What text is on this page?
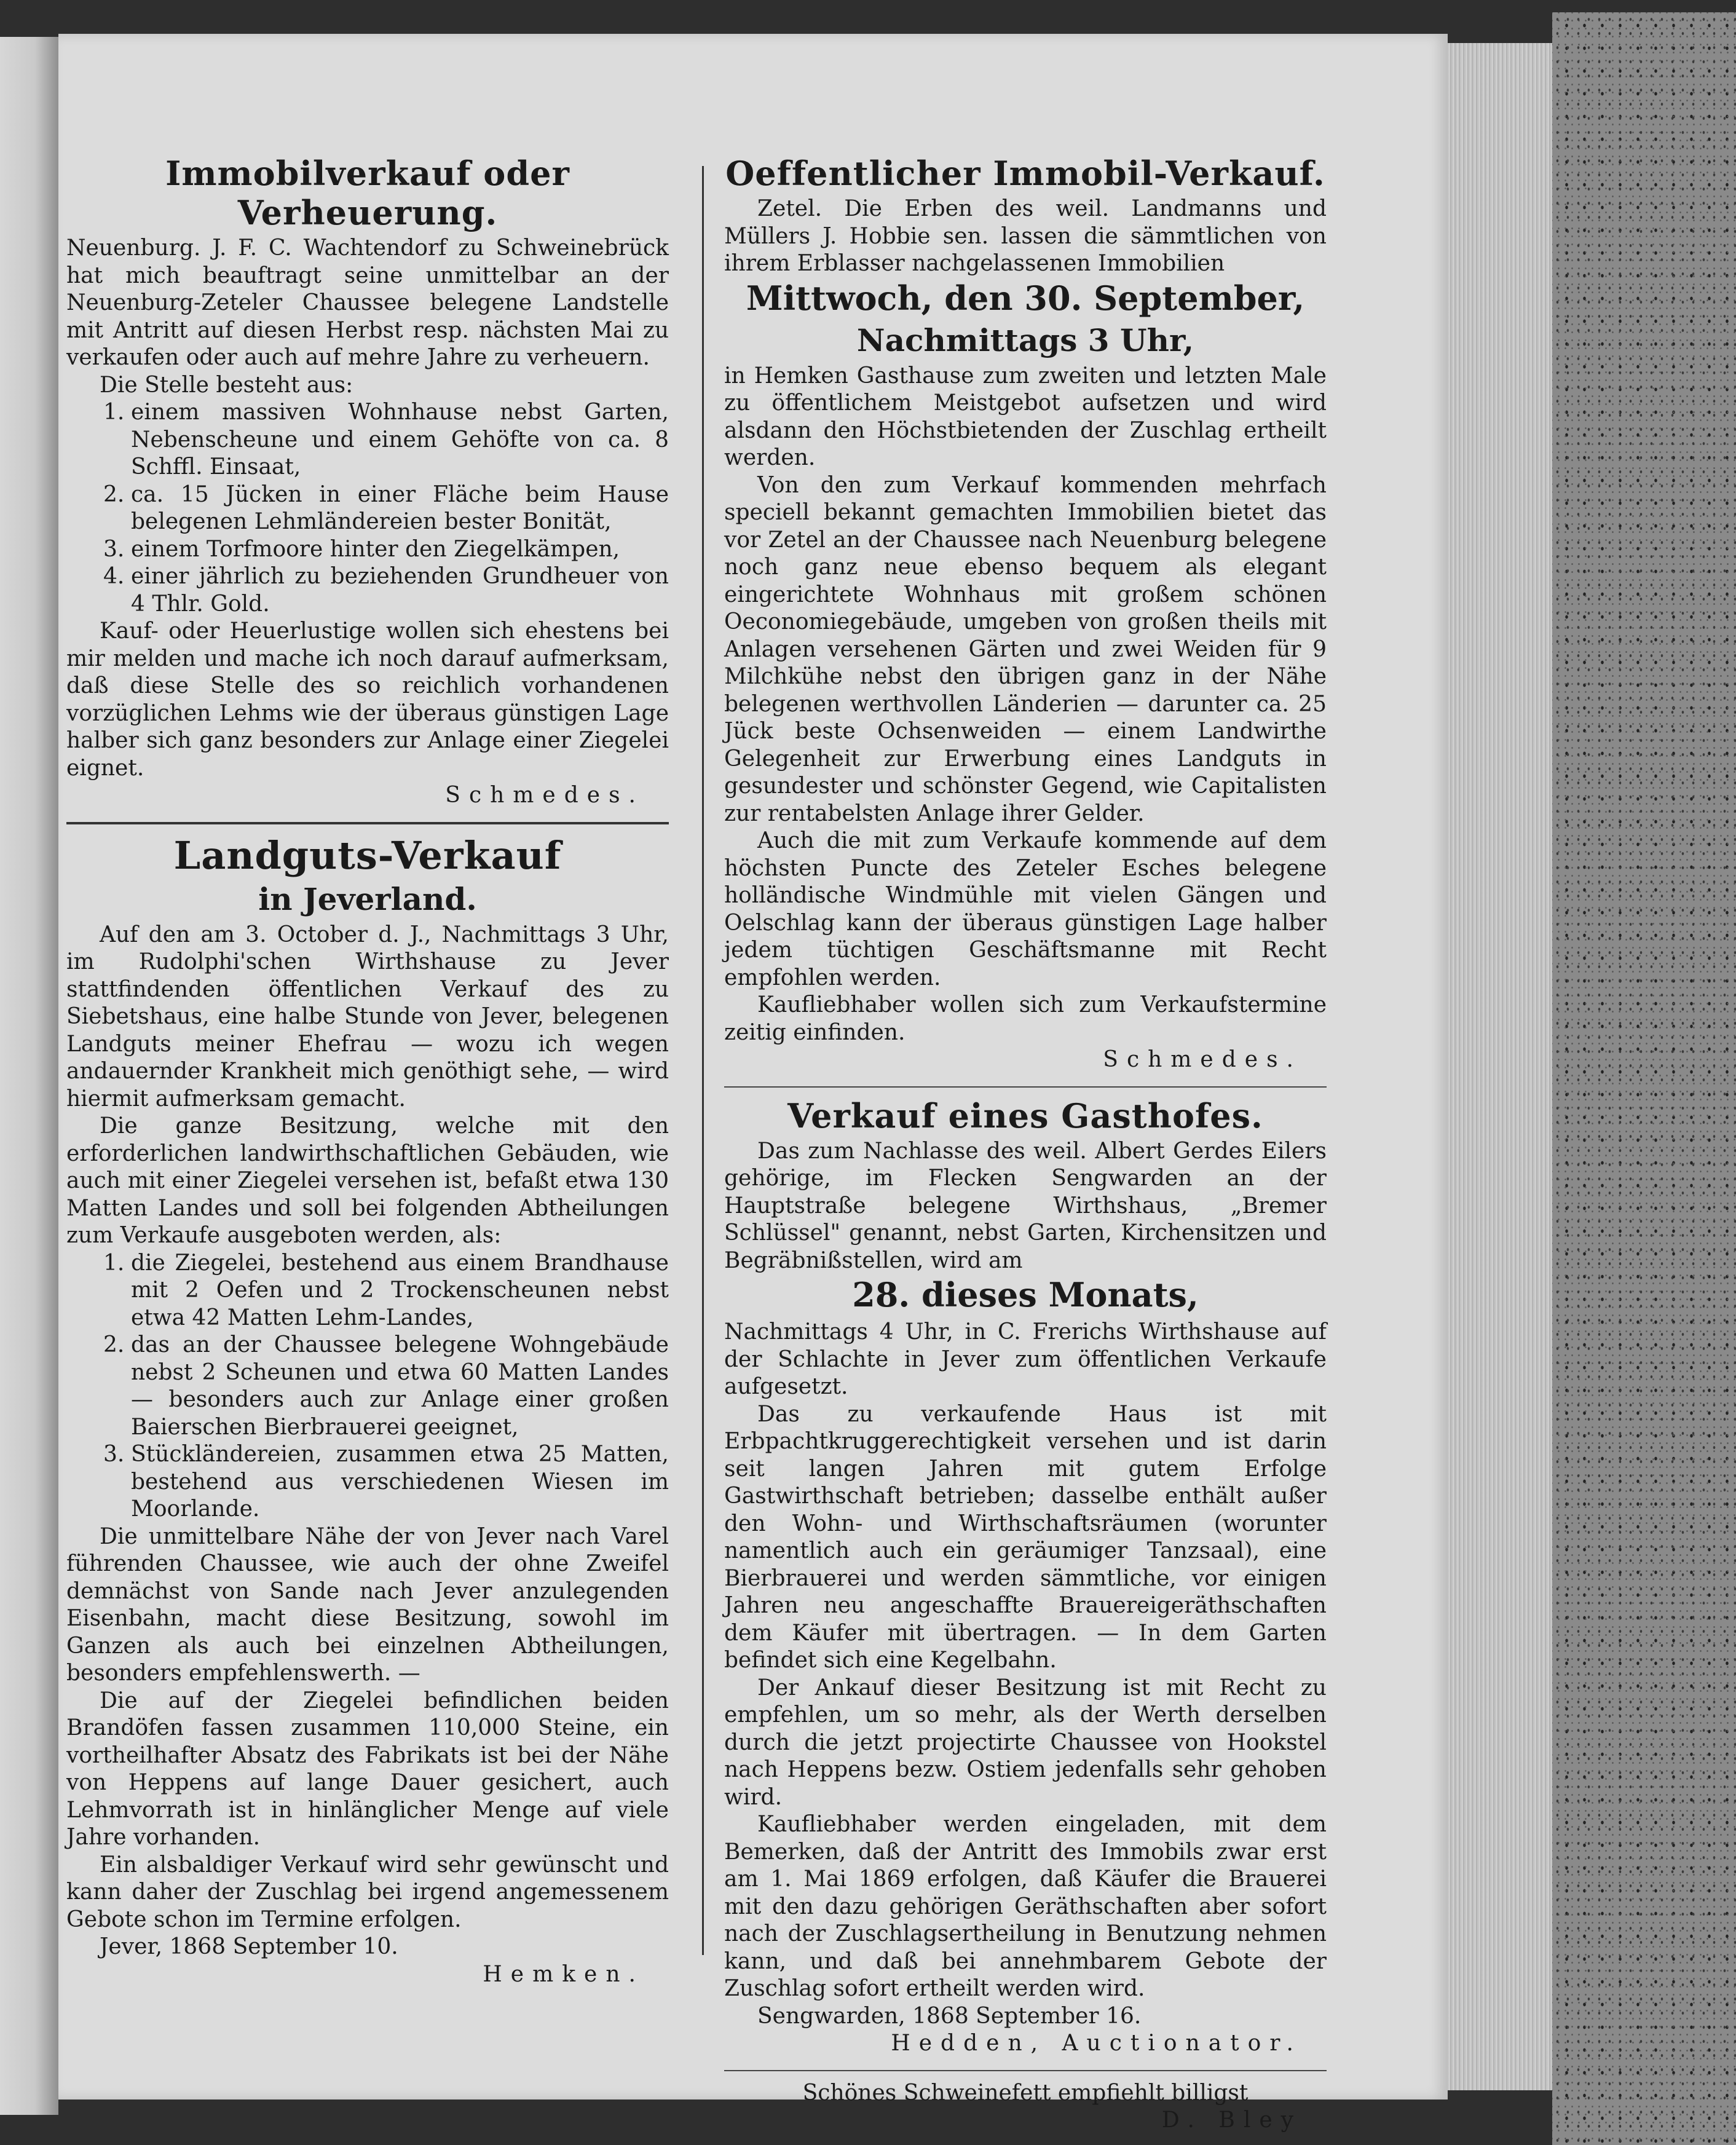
Immobilverkauf oder Verheuerung.

Neuenburg. J. F. C. Wachtendorf zu Schweinebrück hat mich beauftragt seine unmittelbar an der Neuenburg-Zeteler Chaussee belegene Landstelle mit Antritt auf diesen Herbst resp. nächsten Mai zu verkaufen oder auch auf mehre Jahre zu verheuern.

Die Stelle besteht aus:

1. einem massiven Wohnhause nebst Garten, Nebenscheune und einem Gehöfte von ca. 8 Schffl. Einsaat,
2. ca. 15 Jücken in einer Fläche beim Hause belegenen Lehmländereien bester Bonität,
3. einem Torfmoore hinter den Ziegelkämpen,
4. einer jährlich zu beziehenden Grundheuer von 4 Thlr. Gold.

Kauf- oder Heuerlustige wollen sich ehestens bei mir melden und mache ich noch darauf aufmerksam, daß diese Stelle des so reichlich vorhandenen vorzüglichen Lehms wie der überaus günstigen Lage halber sich ganz besonders zur Anlage einer Ziegelei eignet.

Schmedes.

Landguts-Verkauf
in Jeverland.

Auf den am 3. October d. J., Nachmittags 3 Uhr, im Rudolphi'schen Wirthshause zu Jever stattfindenden öffentlichen Verkauf des zu Siebetshaus, eine halbe Stunde von Jever, belegenen Landguts meiner Ehefrau — wozu ich wegen andauernder Krankheit mich genöthigt sehe, — wird hiermit aufmerksam gemacht.

Die ganze Besitzung, welche mit den erforderlichen landwirthschaftlichen Gebäuden, wie auch mit einer Ziegelei versehen ist, befaßt etwa 130 Matten Landes und soll bei folgenden Abtheilungen zum Verkaufe ausgeboten werden, als:

1. die Ziegelei, bestehend aus einem Brandhause mit 2 Oefen und 2 Trockenscheunen nebst etwa 42 Matten Lehm-Landes,
2. das an der Chaussee belegene Wohngebäude nebst 2 Scheunen und etwa 60 Matten Landes — besonders auch zur Anlage einer großen Baierschen Bierbrauerei geeignet,
3. Stückländereien, zusammen etwa 25 Matten, bestehend aus verschiedenen Wiesen im Moorlande.

Die unmittelbare Nähe der von Jever nach Varel führenden Chaussee, wie auch der ohne Zweifel demnächst von Sande nach Jever anzulegenden Eisenbahn, macht diese Besitzung, sowohl im Ganzen als auch bei einzelnen Abtheilungen, besonders empfehlenswerth. —

Die auf der Ziegelei befindlichen beiden Brandöfen fassen zusammen 110,000 Steine, ein vortheilhafter Absatz des Fabrikats ist bei der Nähe von Heppens auf lange Dauer gesichert, auch Lehmvorrath ist in hinlänglicher Menge auf viele Jahre vorhanden.

Ein alsbaldiger Verkauf wird sehr gewünscht und kann daher der Zuschlag bei irgend angemessenem Gebote schon im Termine erfolgen.

Jever, 1868 September 10.

Hemken.

Oeffentlicher Immobil-Verkauf.

Zetel. Die Erben des weil. Landmanns und Müllers J. Hobbie sen. lassen die sämmtlichen von ihrem Erblasser nachgelassenen Immobilien

Mittwoch, den 30. September,
Nachmittags 3 Uhr,

in Hemken Gasthause zum zweiten und letzten Male zu öffentlichem Meistgebot aufsetzen und wird alsdann den Höchstbietenden der Zuschlag ertheilt werden.

Von den zum Verkauf kommenden mehrfach speciell bekannt gemachten Immobilien bietet das vor Zetel an der Chaussee nach Neuenburg belegene noch ganz neue ebenso bequem als elegant eingerichtete Wohnhaus mit großem schönen Oeconomiegebäude, umgeben von großen theils mit Anlagen versehenen Gärten und zwei Weiden für 9 Milchkühe nebst den übrigen ganz in der Nähe belegenen werthvollen Länderien — darunter ca. 25 Jück beste Ochsenweiden — einem Landwirthe Gelegenheit zur Erwerbung eines Landguts in gesundester und schönster Gegend, wie Capitalisten zur rentabelsten Anlage ihrer Gelder.

Auch die mit zum Verkaufe kommende auf dem höchsten Puncte des Zeteler Esches belegene holländische Windmühle mit vielen Gängen und Oelschlag kann der überaus günstigen Lage halber jedem tüchtigen Geschäftsmanne mit Recht empfohlen werden.

Kaufliebhaber wollen sich zum Verkaufstermine zeitig einfinden.

Schmedes.

Verkauf eines Gasthofes.

Das zum Nachlasse des weil. Albert Gerdes Eilers gehörige, im Flecken Sengwarden an der Hauptstraße belegene Wirthshaus, „Bremer Schlüssel" genannt, nebst Garten, Kirchensitzen und Begräbnißstellen, wird am

28. dieses Monats,

Nachmittags 4 Uhr, in C. Frerichs Wirthshause auf der Schlachte in Jever zum öffentlichen Verkaufe aufgesetzt.

Das zu verkaufende Haus ist mit Erbpachtkruggerechtigkeit versehen und ist darin seit langen Jahren mit gutem Erfolge Gastwirthschaft betrieben; dasselbe enthält außer den Wohn- und Wirthschaftsräumen (worunter namentlich auch ein geräumiger Tanzsaal), eine Bierbrauerei und werden sämmtliche, vor einigen Jahren neu angeschaffte Brauereigeräthschaften dem Käufer mit übertragen. — In dem Garten befindet sich eine Kegelbahn.

Der Ankauf dieser Besitzung ist mit Recht zu empfehlen, um so mehr, als der Werth derselben durch die jetzt projectirte Chaussee von Hookstel nach Heppens bezw. Ostiem jedenfalls sehr gehoben wird.

Kaufliebhaber werden eingeladen, mit dem Bemerken, daß der Antritt des Immobils zwar erst am 1. Mai 1869 erfolgen, daß Käufer die Brauerei mit den dazu gehörigen Geräthschaften aber sofort nach der Zuschlagsertheilung in Benutzung nehmen kann, und daß bei annehmbarem Gebote der Zuschlag sofort ertheilt werden wird.

Sengwarden, 1868 September 16.

Hedden, Auctionator.

Schönes Schweinefett empfiehlt billigst

D. Bley
